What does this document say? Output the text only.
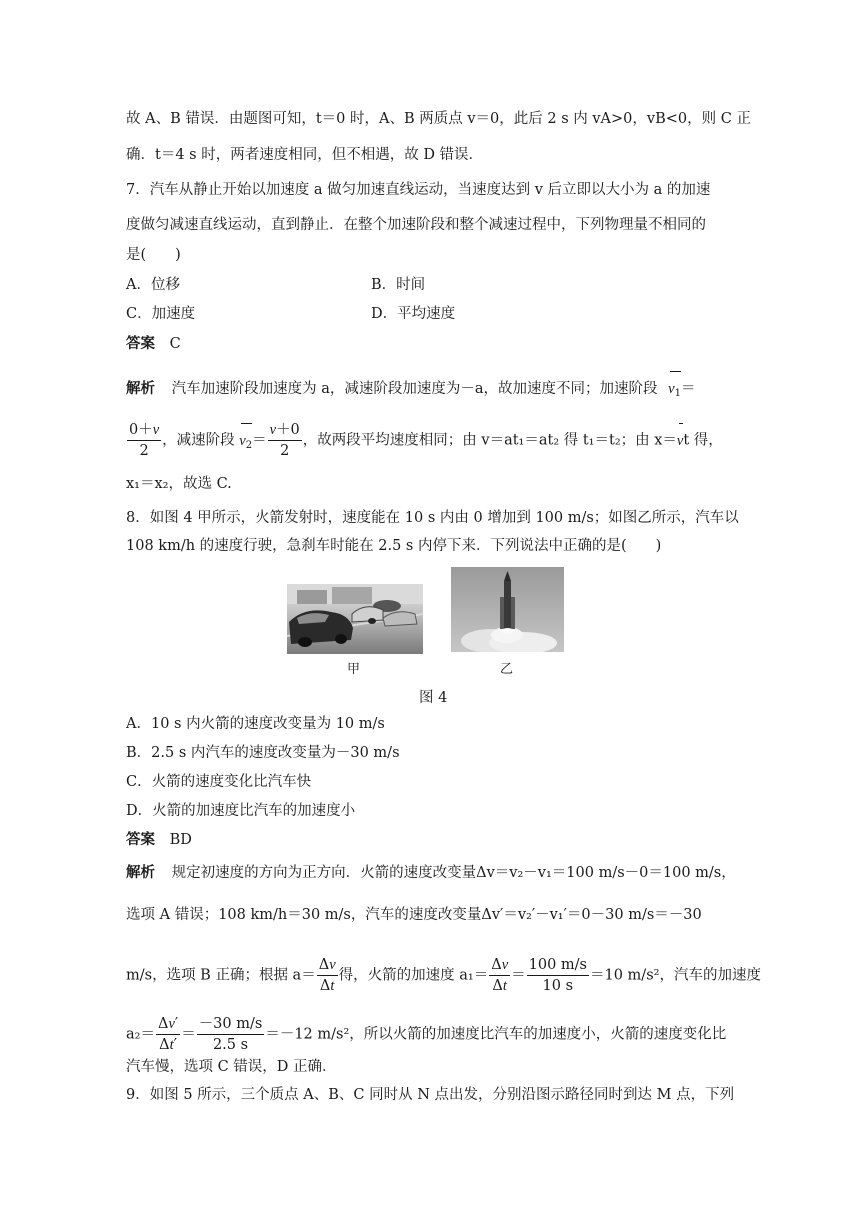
故 A、B 错误．由题图可知，t＝0 时，A、B 两质点 v＝0，此后 2 s 内 vA>0，vB<0，则 C 正
确．t＝4 s 时，两者速度相同，但不相遇，故 D 错误．
7．汽车从静止开始以加速度 a 做匀加速直线运动，当速度达到 v 后立即以大小为 a 的加速
度做匀减速直线运动，直到静止．在整个加速阶段和整个减速过程中，下列物理量不相同的
是(　　)
A．位移	B．时间
C．加速度	D．平均速度
答案 C
解析 汽车加速阶段加速度为 a，减速阶段加速度为－a，故加速度不同；加速阶段 $v_1=$
$\frac{0+v}{2}$ ，减速阶段 $v_2= \frac{v+0}{2}$ ，故两段平均速度相同；由 v＝at₁＝at₂ 得 t₁＝t₂；由 x＝vt 得，
x₁＝x₂，故选 C.
8．如图 4 甲所示，火箭发射时，速度能在 10 s 内由 0 增加到 100 m/s；如图乙所示，汽车以
108 km/h 的速度行驶，急刹车时能在 2.5 s 内停下来．下列说法中正确的是(　　)
甲	乙
图 4
A．10 s 内火箭的速度改变量为 10 m/s
B．2.5 s 内汽车的速度改变量为－30 m/s
C．火箭的速度变化比汽车快
D．火箭的加速度比汽车的加速度小
答案 BD
解析 规定初速度的方向为正方向．火箭的速度改变量Δv＝v₂－v₁＝100 m/s－0＝100 m/s，
选项 A 错误；108 km/h＝30 m/s，汽车的速度改变量Δv′＝v₂′－v₁′＝0－30 m/s＝－30
m/s，选项 B 正确；根据 $a= \frac{\Delta v}{\Delta t}$ 得，火箭的加速度 $a_1= \frac{\Delta v}{\Delta t} = \frac{100 m/s}{10 s} =10$ m/s²，汽车的加速度
$a_2= \frac{\Delta v'}{\Delta t'} = \frac{-30 m/s}{2.5 s} =-12$ m/s²，所以火箭的加速度比汽车的加速度小，火箭的速度变化比
汽车慢，选项 C 错误，D 正确．
9．如图 5 所示，三个质点 A、B、C 同时从 N 点出发，分别沿图示路径同时到达 M 点，下列
